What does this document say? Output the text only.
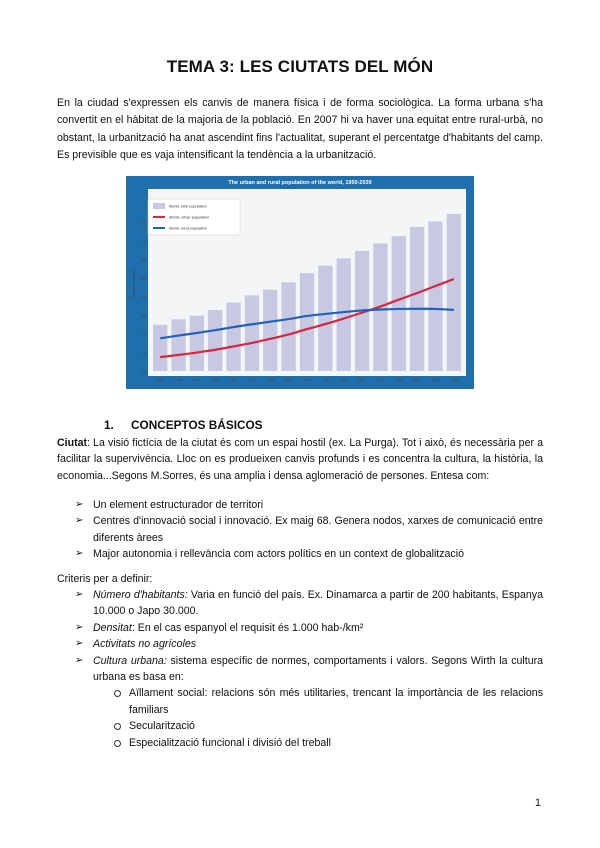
TEMA 3: LES CIUTATS DEL MÓN
En la ciudad s'expressen els canvis de manera física i de forma sociològica. La forma urbana s'ha convertit en el hàbitat de la majoria de la població. En 2007 hi va haver una equitat entre rural-urbà, no obstant, la urbanització ha anat ascendint fins l'actualitat, superant el percentatge d'habitants del camp. Es previsible que es vaja intensificant la tendència a la urbanització.
The urban and rural population of the world, 1950-2030
0.0
1.0
2.0
3.0
4.0
5.0
6.0
7.0
8.0
Population (billions)
1950	1955	1960	1965	1970	1975	1980	1985	1990	1995	2000	2005	2010	2015	2020	2025	2030
World, total population
World, urban population
World, rural population
1. CONCEPTOS BÁSICOS
Ciutat: La visió fictícia de la ciutat és com un espai hostil (ex. La Purga). Tot i això, és necessària per a facilitar la supervivència. Lloc on es produeixen canvis profunds i es concentra la cultura, la història, la economia...Segons M.Sorres, és una amplia i densa aglomeració de persones. Entesa com:
➢ Un element estructurador de territori
➢ Centres d'innovació social i innovació. Ex maig 68. Genera nodos, xarxes de comunicació entre diferents àrees
➢ Major autonomia i rellevància com actors polítics en un context de globalització
Criteris per a definir:
➢ Número d'habitants: Varia en funció del país. Ex. Dinamarca a partir de 200 habitants, Espanya 10.000 o Japo 30.000.
➢ Densitat: En el cas espanyol el requisit és 1.000 hab-/km²
➢ Activitats no agrícoles
➢ Cultura urbana: sistema específic de normes, comportaments i valors. Segons Wirth la cultura urbana es basa en:
Aïllament social: relacions són més utilitaries, trencant la importància de les relacions familiars
Secularització
Especialització funcional i divisió del treball
1
